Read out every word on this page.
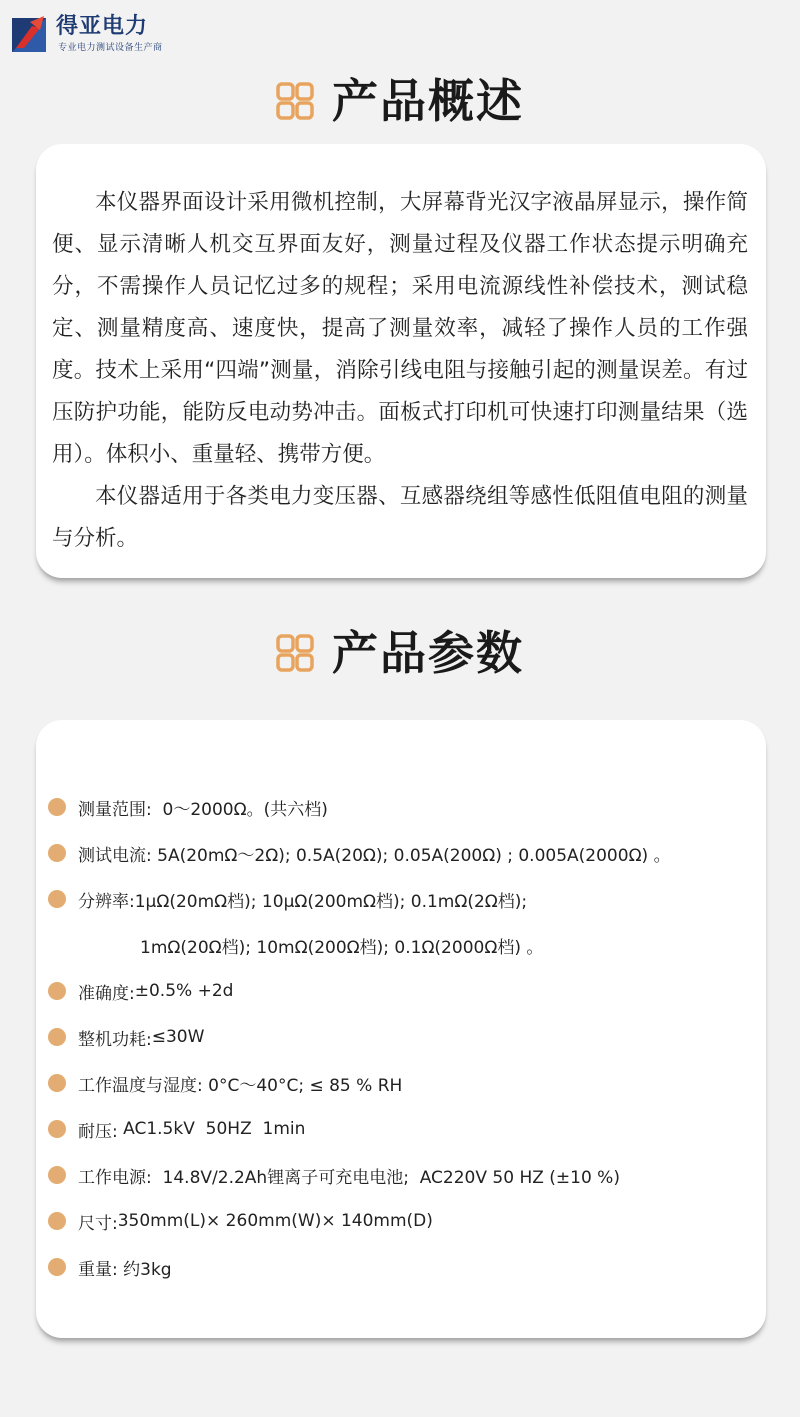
得亚电力
专业电力测试设备生产商
产品概述

本仪器界面设计采用微机控制，大屏幕背光汉字液晶屏显示，操作简便、显示清晰人机交互界面友好，测量过程及仪器工作状态提示明确充分，不需操作人员记忆过多的规程；采用电流源线性补偿技术，测试稳定、测量精度高、速度快，提高了测量效率，减轻了操作人员的工作强度。技术上采用“四端”测量，消除引线电阻与接触引起的测量误差。有过压防护功能，能防反电动势冲击。面板式打印机可快速打印测量结果（选用）。体积小、重量轻、携带方便。

本仪器适用于各类电力变压器、互感器绕组等感性低阻值电阻的测量与分析。

产品参数
测量范围: 0～2000Ω。(共六档)
测试电流: 5A(20mΩ～2Ω); 0.5A(20Ω); 0.05A(200Ω) ; 0.005A(2000Ω) 。
分辨率: 1μΩ(20mΩ档); 10μΩ(200mΩ档); 0.1mΩ(2Ω档);
1mΩ(20Ω档); 10mΩ(200Ω档); 0.1Ω(2000Ω档) 。
准确度: ±0.5% +2d
整机功耗: ≤30W
工作温度与湿度: 0°C～40°C; ≤ 85 % RH
耐压: AC1.5kV  50HZ  1min
工作电源: 14.8V/2.2Ah锂离子可充电电池;  AC220V 50 HZ (±10 %)
尺寸: 350mm(L)× 260mm(W)× 140mm(D)
重量: 约3kg
